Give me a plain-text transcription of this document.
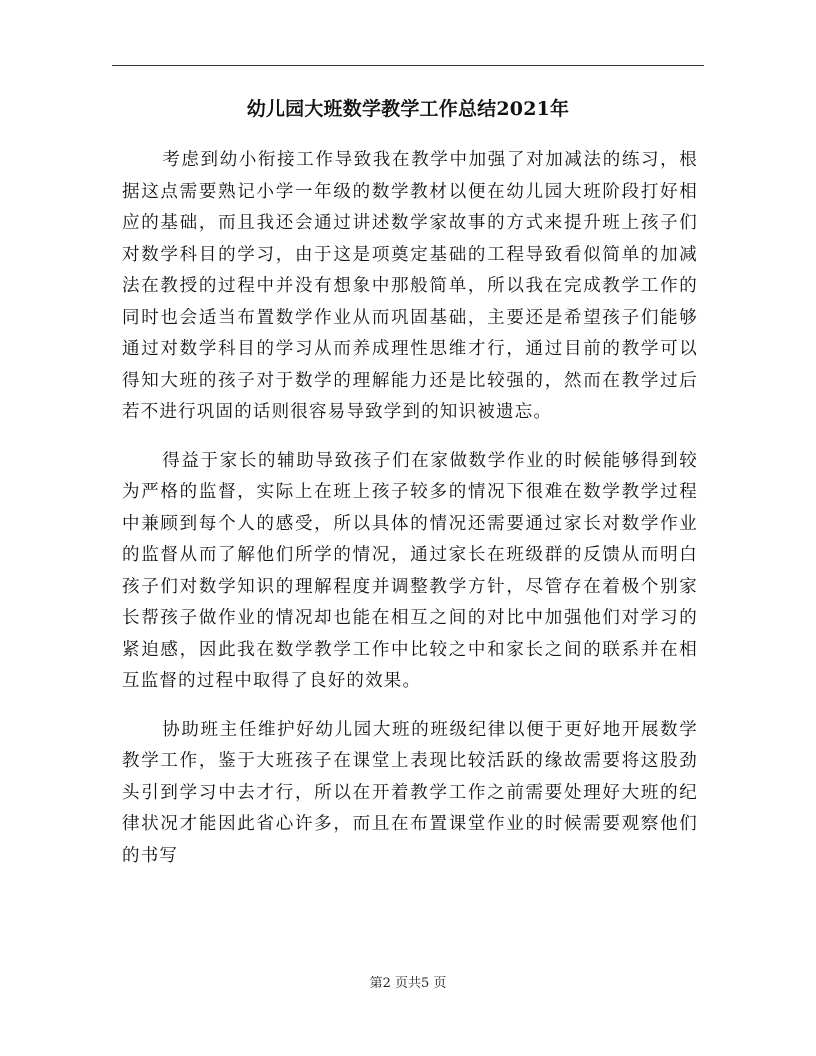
幼儿园大班数学教学工作总结2021年

考虑到幼小衔接工作导致我在教学中加强了对加减法的练习，根据这点需要熟记小学一年级的数学教材以便在幼儿园大班阶段打好相应的基础，而且我还会通过讲述数学家故事的方式来提升班上孩子们对数学科目的学习，由于这是项奠定基础的工程导致看似简单的加减法在教授的过程中并没有想象中那般简单，所以我在完成教学工作的同时也会适当布置数学作业从而巩固基础，主要还是希望孩子们能够通过对数学科目的学习从而养成理性思维才行，通过目前的教学可以得知大班的孩子对于数学的理解能力还是比较强的，然而在教学过后若不进行巩固的话则很容易导致学到的知识被遗忘。

得益于家长的辅助导致孩子们在家做数学作业的时候能够得到较为严格的监督，实际上在班上孩子较多的情况下很难在数学教学过程中兼顾到每个人的感受，所以具体的情况还需要通过家长对数学作业的监督从而了解他们所学的情况，通过家长在班级群的反馈从而明白孩子们对数学知识的理解程度并调整教学方针，尽管存在着极个别家长帮孩子做作业的情况却也能在相互之间的对比中加强他们对学习的紧迫感，因此我在数学教学工作中比较之中和家长之间的联系并在相互监督的过程中取得了良好的效果。

协助班主任维护好幼儿园大班的班级纪律以便于更好地开展数学教学工作，鉴于大班孩子在课堂上表现比较活跃的缘故需要将这股劲头引到学习中去才行，所以在开着教学工作之前需要处理好大班的纪律状况才能因此省心许多，而且在布置课堂作业的时候需要观察他们的书写

第2 页共5 页
